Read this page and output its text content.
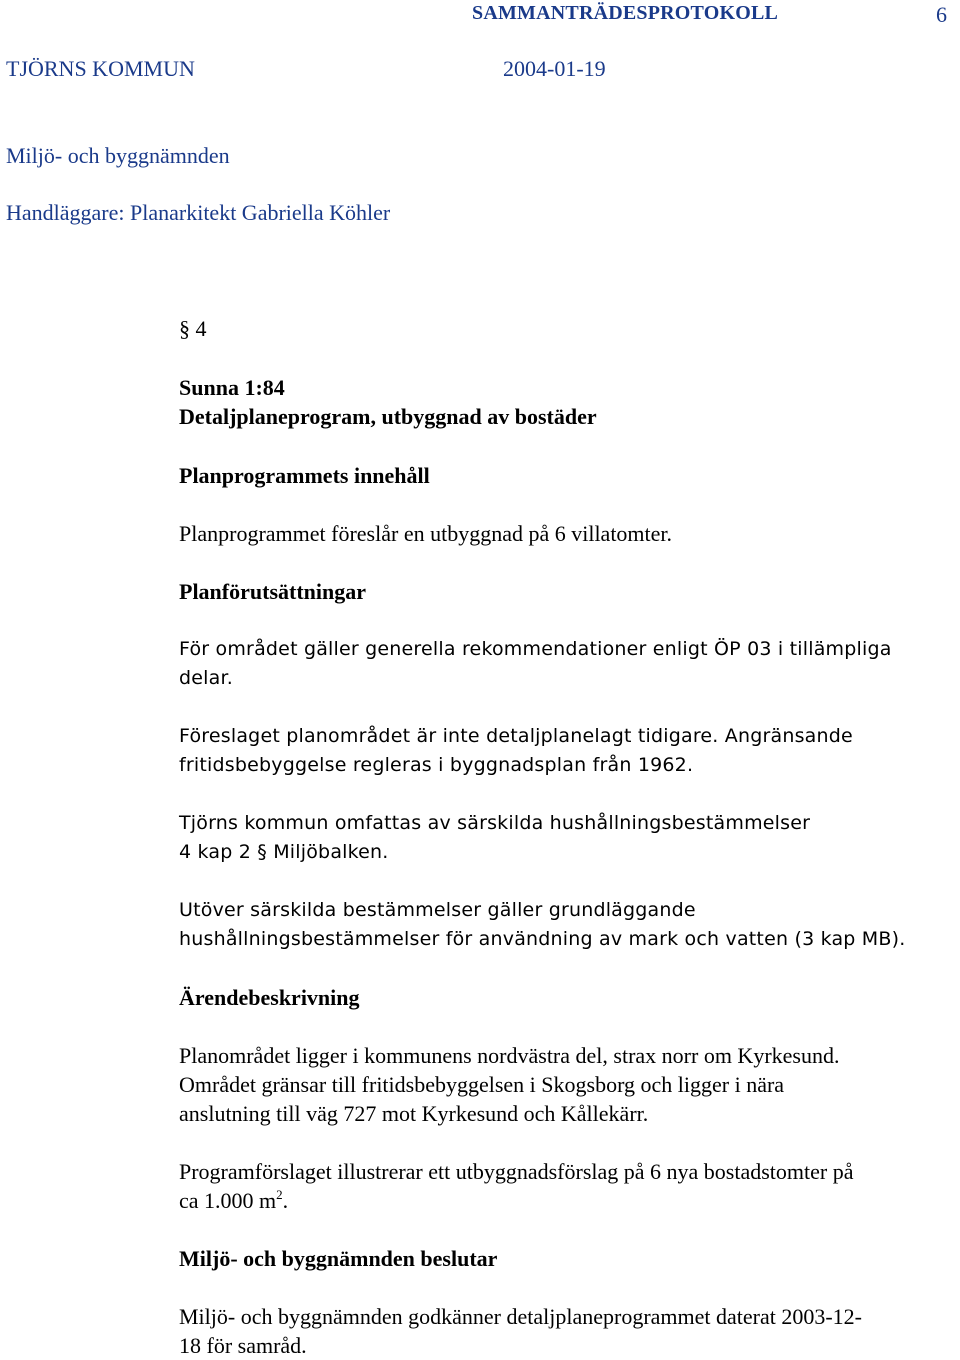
SAMMANTRÄDESPROTOKOLL	6
TJÖRNS KOMMUN	2004-01-19
Miljö- och byggnämnden
Handläggare: Planarkitekt Gabriella Köhler
§ 4
Sunna 1:84
Detaljplaneprogram, utbyggnad av bostäder
Planprogrammets innehåll
Planprogrammet föreslår en utbyggnad på 6 villatomter.
Planförutsättningar
För området gäller generella rekommendationer enligt ÖP 03 i tillämpliga
delar.
Föreslaget planområdet är inte detaljplanelagt tidigare. Angränsande
fritidsbebyggelse regleras i byggnadsplan från 1962.
Tjörns kommun omfattas av särskilda hushållningsbestämmelser
4 kap 2 § Miljöbalken.
Utöver särskilda bestämmelser gäller grundläggande
hushållningsbestämmelser för användning av mark och vatten (3 kap MB).
Ärendebeskrivning
Planområdet ligger i kommunens nordvästra del, strax norr om Kyrkesund.
Området gränsar till fritidsbebyggelsen i Skogsborg och ligger i nära
anslutning till väg 727 mot Kyrkesund och Kållekärr.
Programförslaget illustrerar ett utbyggnadsförslag på 6 nya bostadstomter på
ca 1.000 $m^2$.
Miljö- och byggnämnden beslutar
Miljö- och byggnämnden godkänner detaljplaneprogrammet daterat 2003-12-
18 för samråd.
